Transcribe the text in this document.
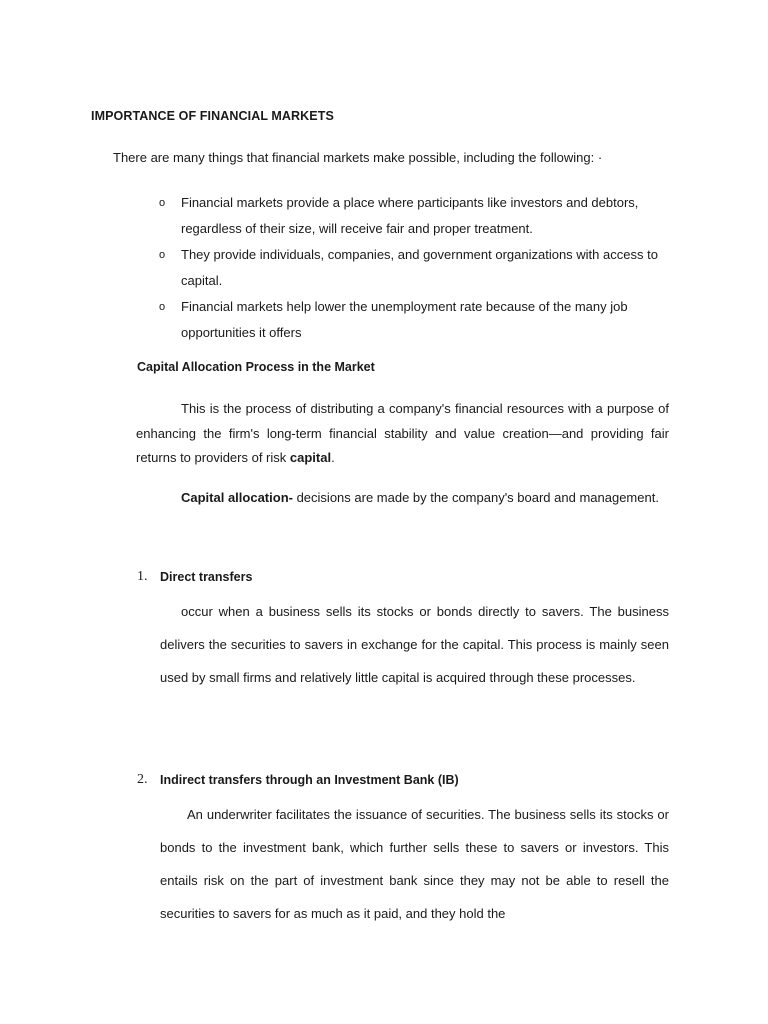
IMPORTANCE OF FINANCIAL MARKETS
There are many things that financial markets make possible, including the following: ·
o Financial markets provide a place where participants like investors and debtors, regardless of their size, will receive fair and proper treatment.
o They provide individuals, companies, and government organizations with access to capital.
o Financial markets help lower the unemployment rate because of the many job opportunities it offers
Capital Allocation Process in the Market
This is the process of distributing a company's financial resources with a purpose of enhancing the firm's long-term financial stability and value creation—and providing fair returns to providers of risk capital.
Capital allocation- decisions are made by the company's board and management.
1. Direct transfers
occur when a business sells its stocks or bonds directly to savers. The business delivers the securities to savers in exchange for the capital. This process is mainly seen used by small firms and relatively little capital is acquired through these processes.
2. Indirect transfers through an Investment Bank (IB)
An underwriter facilitates the issuance of securities. The business sells its stocks or bonds to the investment bank, which further sells these to savers or investors. This entails risk on the part of investment bank since they may not be able to resell the securities to savers for as much as it paid, and they hold the
